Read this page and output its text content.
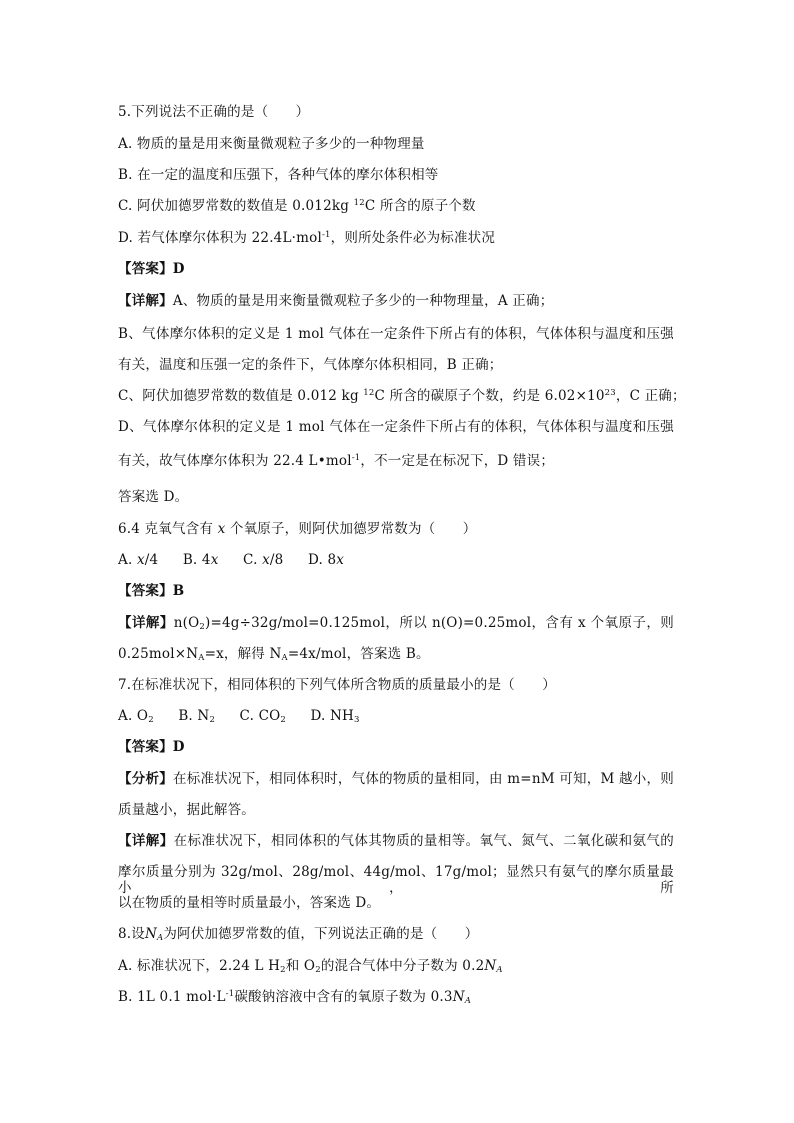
5.下列说法不正确的是（　　）
A. 物质的量是用来衡量微观粒子多少的一种物理量
B. 在一定的温度和压强下，各种气体的摩尔体积相等
C. 阿伏加德罗常数的数值是 0.012kg $^{12}$C 所含的原子个数
D. 若气体摩尔体积为 22.4L·mol$^{-1}$，则所处条件必为标准状况
【答案】D
【详解】A、物质的量是用来衡量微观粒子多少的一种物理量，A 正确；
B、气体摩尔体积的定义是 1 mol 气体在一定条件下所占有的体积，气体体积与温度和压强
有关，温度和压强一定的条件下，气体摩尔体积相同，B 正确；
C、阿伏加德罗常数的数值是 0.012 kg $^{12}$C 所含的碳原子个数，约是 $6.02\times 10^{23}$，C 正确；
D、气体摩尔体积的定义是 1 mol 气体在一定条件下所占有的体积，气体体积与温度和压强
有关，故气体摩尔体积为 22.4 L•mol$^{-1}$，不一定是在标况下，D 错误；
答案选 D。
6.4 克氧气含有 x 个氧原子，则阿伏加德罗常数为（　　）
A. x/4 B. 4x C. x/8 D. 8x
【答案】B
【详解】$n(O_2)=4g\div 32g/mol=0.125mol$，所以 n(O)=0.25mol，含有 x 个氧原子，则
$0.25mol\times N_A=x$，解得 $N_A=4x$/mol，答案选 B。
7.在标准状况下，相同体积的下列气体所含物质的质量最小的是（　　）
A. $O_2$ B. $N_2$ C. $CO_2$ D. $NH_3$
【答案】D
【分析】在标准状况下，相同体积时，气体的物质的量相同，由 m=nM 可知，M 越小，则
质量越小，据此解答。
【详解】在标准状况下，相同体积的气体其物质的量相等。氧气、氮气、二氧化碳和氨气的
摩尔质量分别为 32g/mol、28g/mol、44g/mol、17g/mol；显然只有氨气的摩尔质量最小，所
以在物质的量相等时质量最小，答案选 D。
8.设$N_A$为阿伏加德罗常数的值，下列说法正确的是（　　）
A. 标准状况下，2.24 L $H_2$和 $O_2$的混合气体中分子数为 $0.2N_A$
B. 1L 0.1 $mol\cdot L^{-1}$碳酸钠溶液中含有的氧原子数为 $0.3N_A$
